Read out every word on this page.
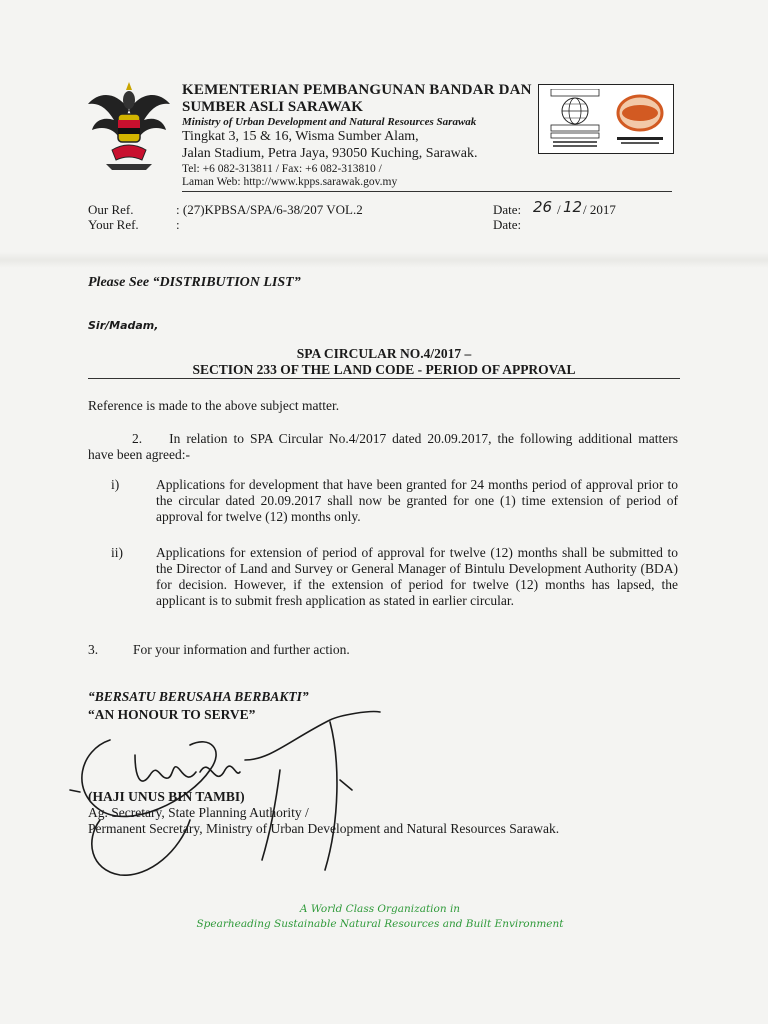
KEMENTERIAN PEMBANGUNAN BANDAR DAN
SUMBER ASLI SARAWAK
Ministry of Urban Development and Natural Resources Sarawak
Tingkat 3, 15 & 16, Wisma Sumber Alam,
Jalan Stadium, Petra Jaya, 93050 Kuching, Sarawak.
Tel: +6 082-313811 / Fax: +6 082-313810 /
Laman Web: http://www.kpps.sarawak.gov.my
Our Ref.
Your Ref.
: (27)KPBSA/SPA/6-38/207 VOL.2
:
Date:
Date:
26 / 12 / 2017
Please See “DISTRIBUTION LIST”
Sir/Madam,
SPA CIRCULAR NO.4/2017 –
SECTION 233 OF THE LAND CODE - PERIOD OF APPROVAL
Reference is made to the above subject matter.
2.  In relation to SPA Circular No.4/2017 dated 20.09.2017, the following additional matters have been agreed:-
i)	Applications for development that have been granted for 24 months period of approval prior to the circular dated 20.09.2017 shall now be granted for one (1) time extension of period of approval for twelve (12) months only.
ii) Applications for extension of period of approval for twelve (12) months shall be submitted to the Director of Land and Survey or General Manager of Bintulu Development Authority (BDA) for decision. However, if the extension of period for twelve (12) months has lapsed, the applicant is to submit fresh application as stated in earlier circular.
3.	For your information and further action.
“BERSATU BERUSAHA BERBAKTI”
“AN HONOUR TO SERVE”
(HAJI UNUS BIN TAMBI)
Ag. Secretary, State Planning Authority /
Permanent Secretary, Ministry of Urban Development and Natural Resources Sarawak.
A World Class Organization in
Spearheading Sustainable Natural Resources and Built Environment
